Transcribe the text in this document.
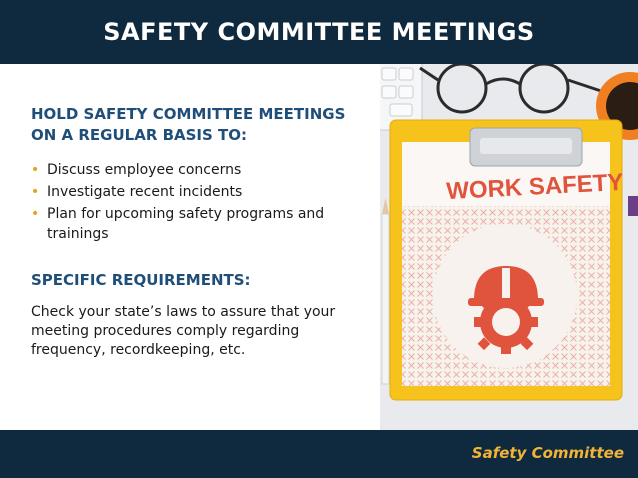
SAFETY COMMITTEE MEETINGS

HOLD SAFETY COMMITTEE MEETINGS
ON A REGULAR BASIS TO:

• Discuss employee concerns
• Investigate recent incidents
• Plan for upcoming safety programs and trainings

SPECIFIC REQUIREMENTS:

Check your state’s laws to assure that your meeting procedures comply regarding frequency, recordkeeping, etc.

WORK SAFETY
Safety Committee
